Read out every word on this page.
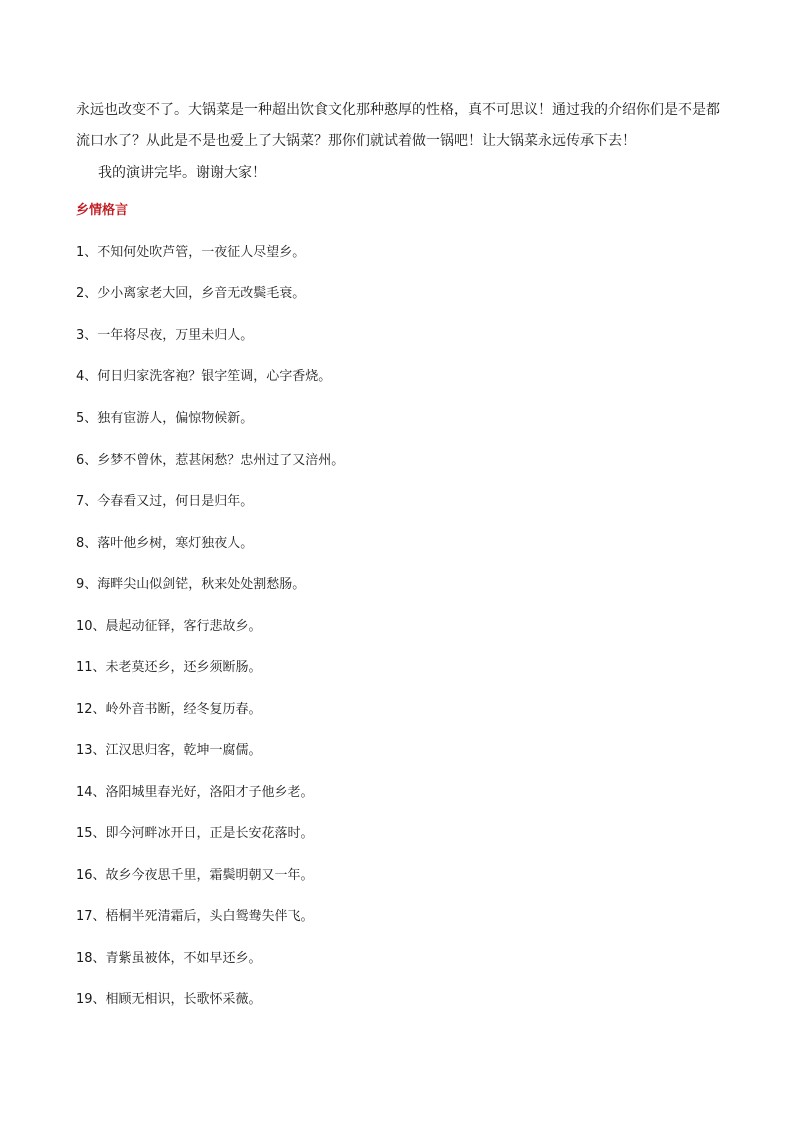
永远也改变不了。大锅菜是一种超出饮食文化那种憨厚的性格，真不可思议！通过我的介绍你们是不是都
流口水了？从此是不是也爱上了大锅菜？那你们就试着做一锅吧！让大锅菜永远传承下去！
我的演讲完毕。谢谢大家！
乡情格言
1、不知何处吹芦管，一夜征人尽望乡。
2、少小离家老大回，乡音无改鬓毛衰。
3、一年将尽夜，万里未归人。
4、何日归家洗客袍？银字笙调，心字香烧。
5、独有宦游人，偏惊物候新。
6、乡梦不曾休，惹甚闲愁？忠州过了又涪州。
7、今春看又过，何日是归年。
8、落叶他乡树，寒灯独夜人。
9、海畔尖山似剑铓，秋来处处割愁肠。
10、晨起动征铎，客行悲故乡。
11、未老莫还乡，还乡须断肠。
12、岭外音书断，经冬复历春。
13、江汉思归客，乾坤一腐儒。
14、洛阳城里春光好，洛阳才子他乡老。
15、即今河畔冰开日，正是长安花落时。
16、故乡今夜思千里，霜鬓明朝又一年。
17、梧桐半死清霜后，头白鸳鸯失伴飞。
18、青紫虽被体，不如早还乡。
19、相顾无相识，长歌怀采薇。
